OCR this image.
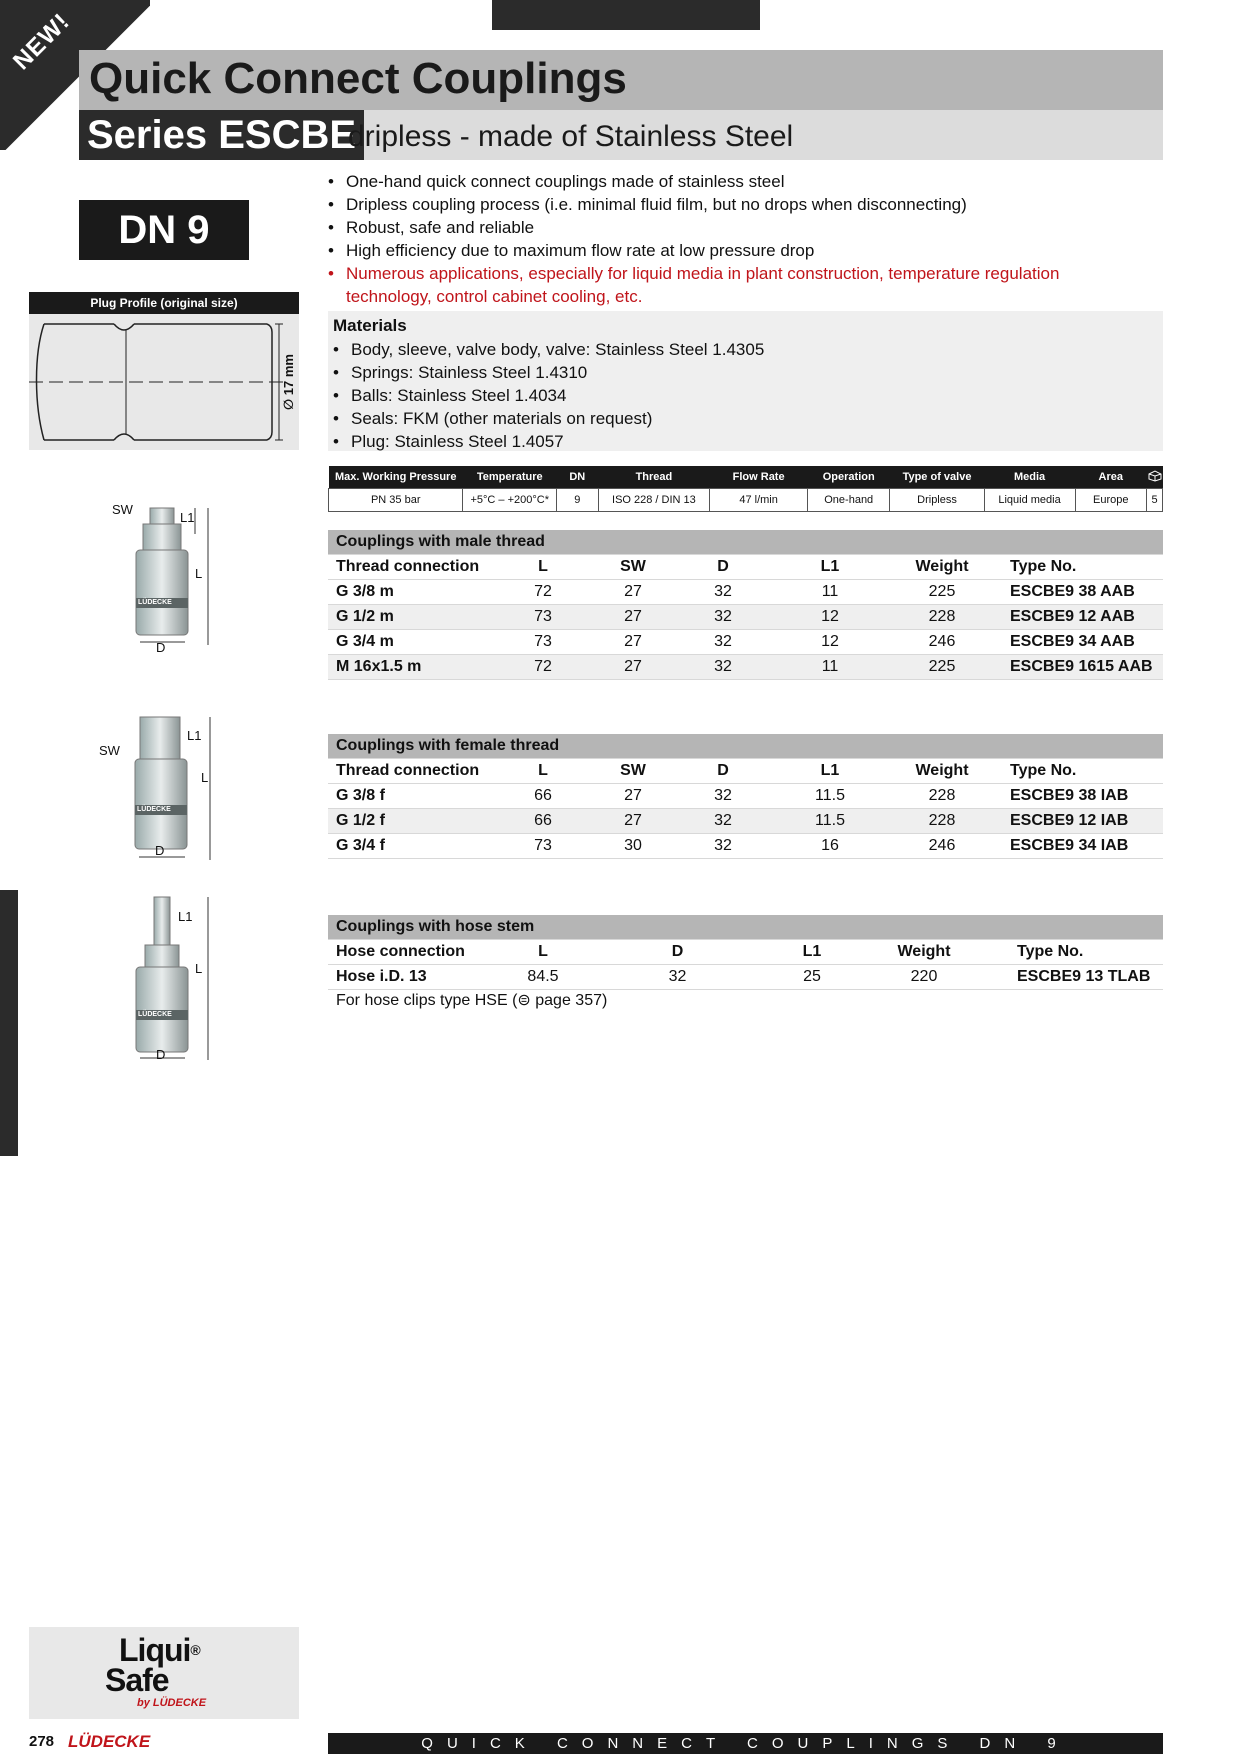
NEW!
Quick Connect Couplings
Series ESCBE
dripless - made of Stainless Steel
DN 9
Plug Profile (original size)
∅ 17 mm
• One-hand quick connect couplings made of stainless steel
• Dripless coupling process (i.e. minimal fluid film, but no drops when disconnecting)
• Robust, safe and reliable
• High efficiency due to maximum flow rate at low pressure drop
• Numerous applications, especially for liquid media in plant construction, temperature regulation technology, control cabinet cooling, etc.
Materials
• Body, sleeve, valve body, valve: Stainless Steel 1.4305
• Springs: Stainless Steel 1.4310
• Balls: Stainless Steel 1.4034
• Seals: FKM (other materials on request)
• Plug: Stainless Steel 1.4057
Max. Working Pressure	Temperature	DN	Thread	Flow Rate	Operation	Type of valve	Media	Area	
PN 35 bar	+5°C – +200°C*	9	ISO 228 / DIN 13	47 l/min	One-hand	Dripless	Liquid media	Europe	5
Couplings with male thread						
Thread connection	L	SW	D	L1	Weight	Type No.
G 3/8 m	72	27	32	11	225	ESCBE9 38 AAB
G 1/2 m	73	27	32	12	228	ESCBE9 12 AAB
G 3/4 m	73	27	32	12	246	ESCBE9 34 AAB
M 16x1.5 m	72	27	32	11	225	ESCBE9 1615 AAB
Couplings with female thread						
Thread connection	L	SW	D	L1	Weight	Type No.
G 3/8 f	66	27	32	11.5	228	ESCBE9 38 IAB
G 1/2 f	66	27	32	11.5	228	ESCBE9 12 IAB
G 3/4 f	73	30	32	16	246	ESCBE9 34 IAB
Couplings with hose stem					
Hose connection	L	D	L1	Weight	Type No.
Hose i.D. 13	84.5	32	25	220	ESCBE9 13 TLAB
For hose clips type HSE (⊜ page 357)
SW
L1
L
D
LÜDECKE
SW
L1
L
D
LÜDECKE
L1
L
D
LÜDECKE
Liqui®
Safe
by LÜDECKE
278 LÜDECKE	QUICK CONNECT COUPLINGS DN 9
